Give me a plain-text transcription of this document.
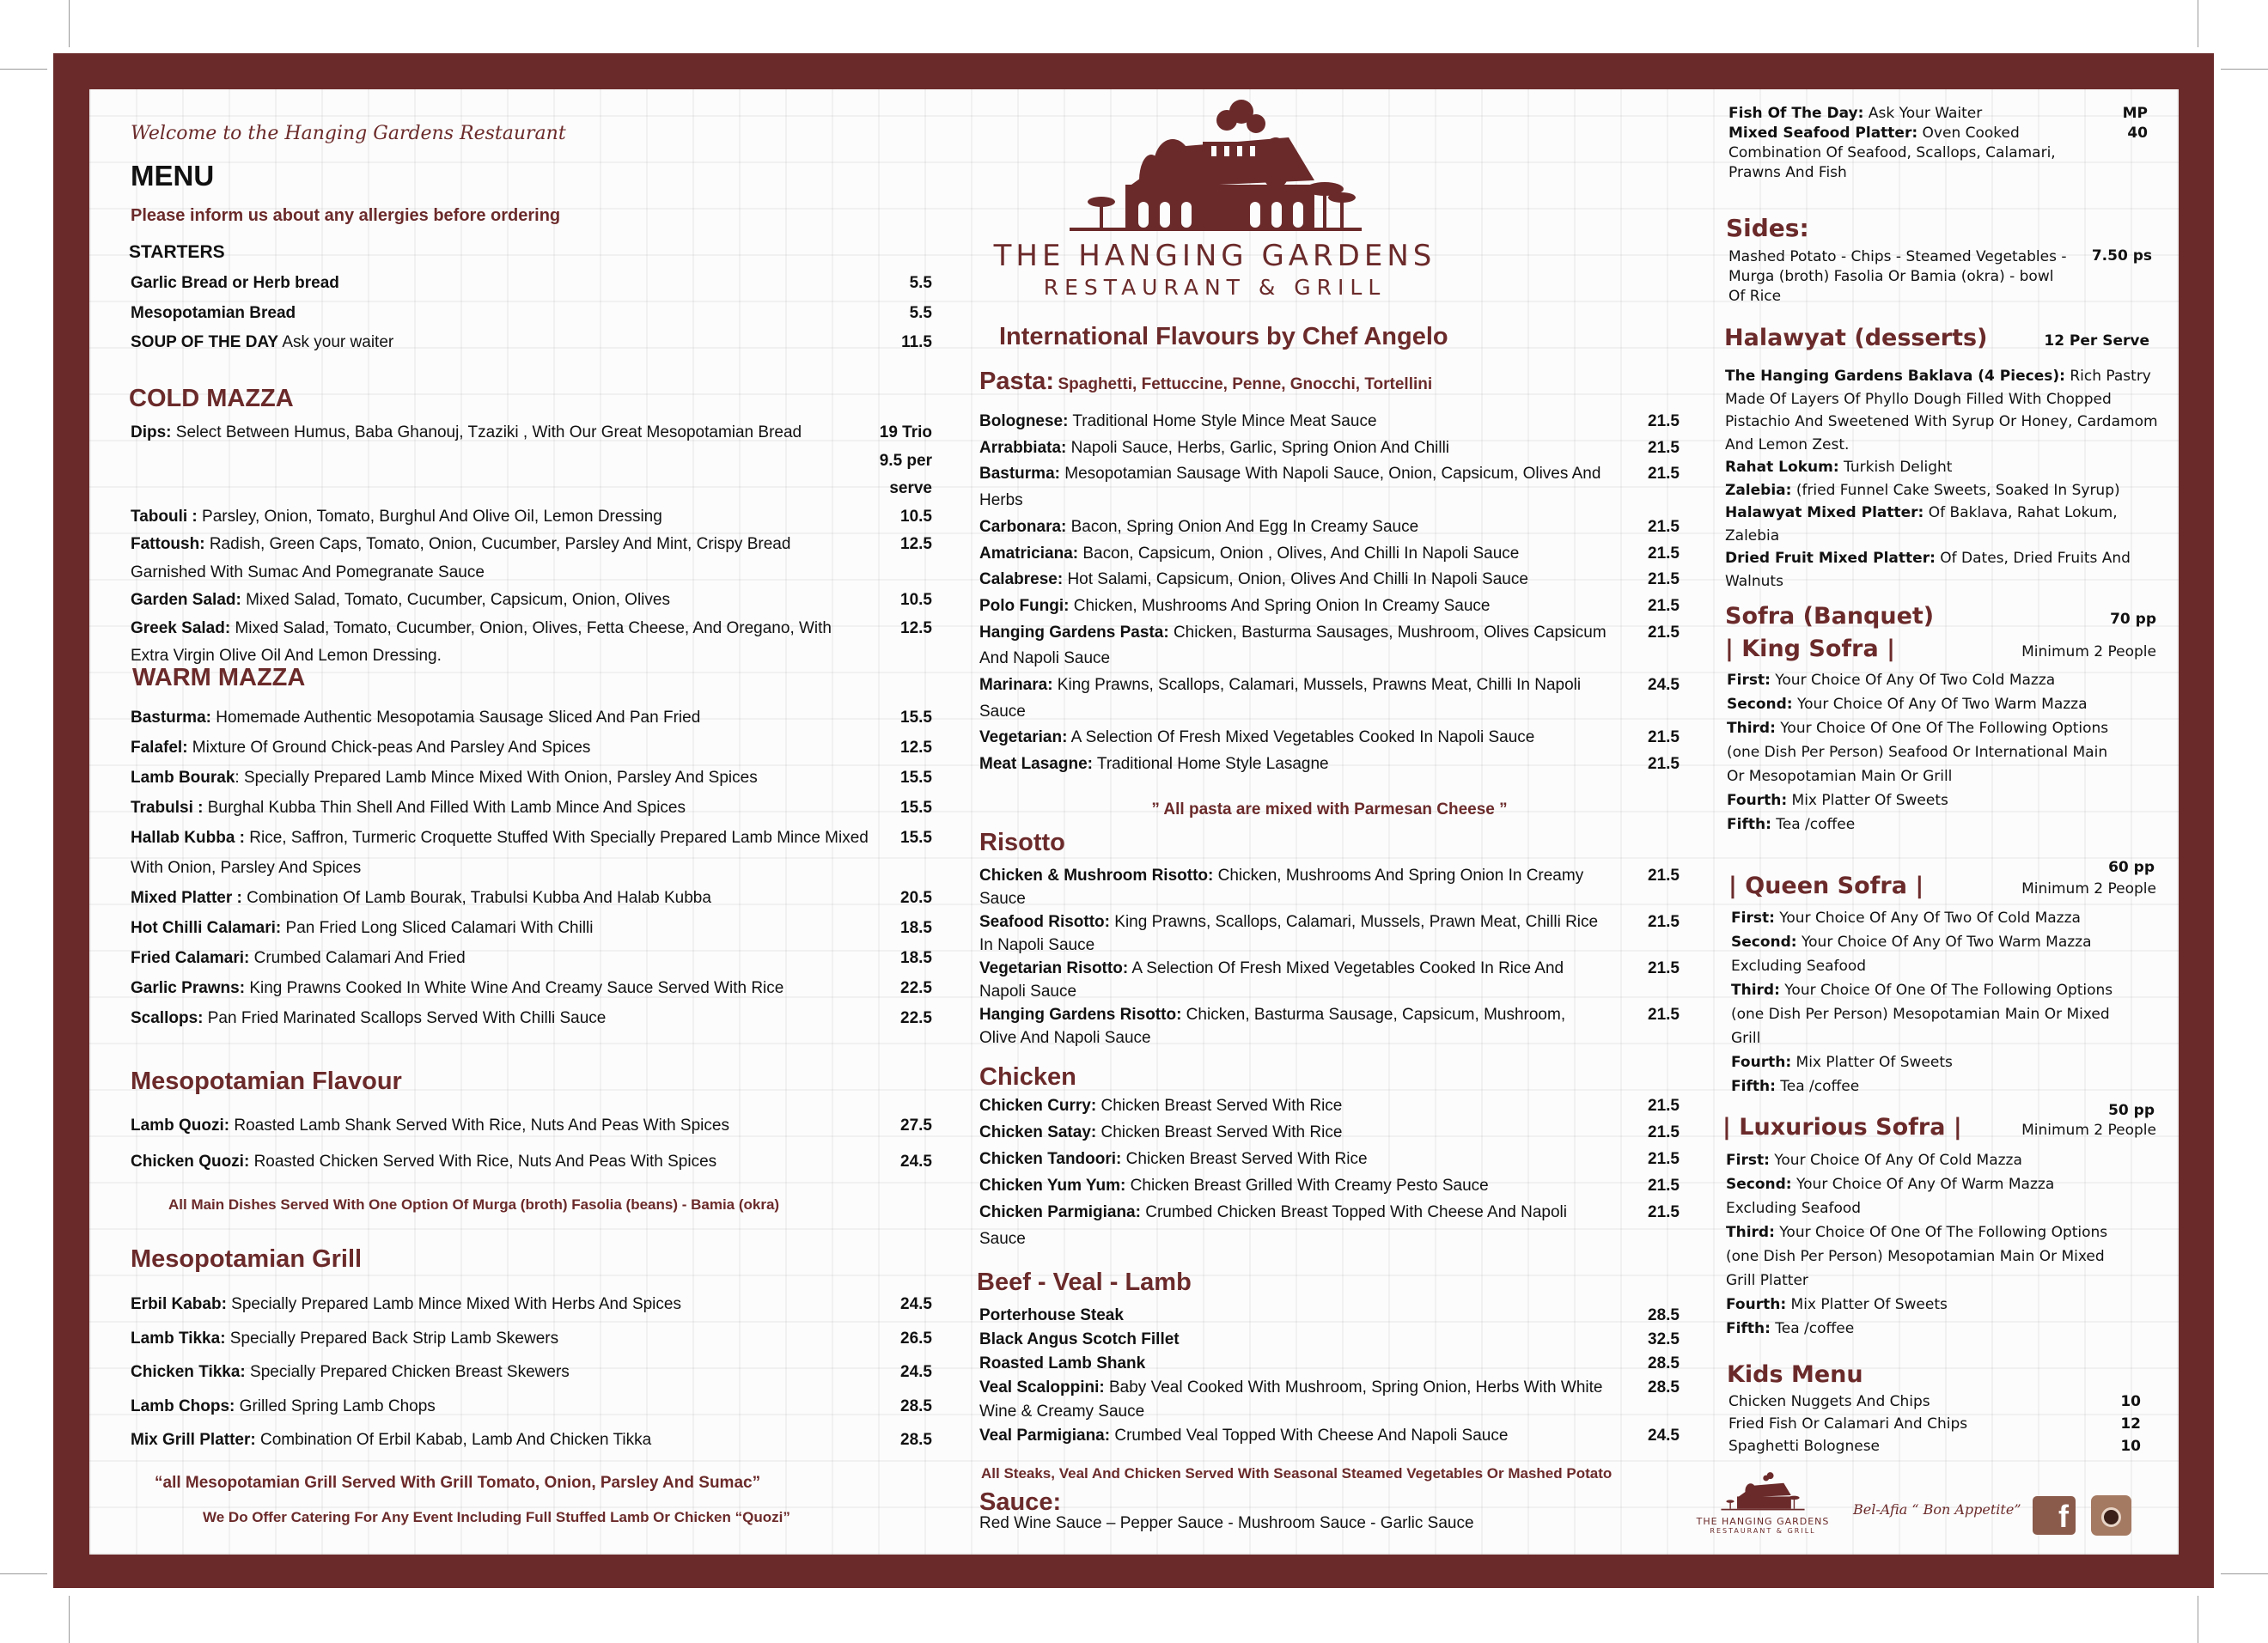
Welcome to the Hanging Gardens Restaurant
MENU
Please inform us about any allergies before ordering
STARTERS
Garlic Bread or Herb bread	5.5
Mesopotamian Bread	5.5
SOUP OF THE DAY Ask your waiter	11.5
COLD MAZZA
Dips: Select Between Humus, Baba Ghanouj, Tzaziki , With Our Great Mesopotamian Bread	19 Trio
9.5 per serve
Tabouli : Parsley, Onion, Tomato, Burghul And Olive Oil, Lemon Dressing	10.5
Fattoush: Radish, Green Caps, Tomato, Onion, Cucumber, Parsley And Mint, Crispy Bread Garnished With Sumac And Pomegranate Sauce
12.5
Garden Salad: Mixed Salad, Tomato, Cucumber, Capsicum, Onion, Olives	10.5
Greek Salad: Mixed Salad, Tomato, Cucumber, Onion, Olives, Fetta Cheese, And Oregano, With Extra Virgin Olive Oil And Lemon Dressing.
12.5
WARM MAZZA
Basturma: Homemade Authentic Mesopotamia Sausage Sliced And Pan Fried	15.5
Falafel: Mixture Of Ground Chick-peas And Parsley And Spices	12.5
Lamb Bourak: Specially Prepared Lamb Mince Mixed With Onion, Parsley And Spices	15.5
Trabulsi : Burghal Kubba Thin Shell And Filled With Lamb Mince And Spices	15.5
Hallab Kubba : Rice, Saffron, Turmeric Croquette Stuffed With Specially Prepared Lamb Mince Mixed With Onion, Parsley And Spices
15.5
Mixed Platter : Combination Of Lamb Bourak, Trabulsi Kubba And Halab Kubba	20.5
Hot Chilli Calamari: Pan Fried Long Sliced Calamari With Chilli	18.5
Fried Calamari: Crumbed Calamari And Fried	18.5
Garlic Prawns: King Prawns Cooked In White Wine And Creamy Sauce Served With Rice	22.5
Scallops: Pan Fried Marinated Scallops Served With Chilli Sauce	22.5
Mesopotamian Flavour
Lamb Quozi: Roasted Lamb Shank Served With Rice, Nuts And Peas With Spices	27.5
Chicken Quozi: Roasted Chicken Served With Rice, Nuts And Peas With Spices	24.5
All Main Dishes Served With One Option Of Murga (broth) Fasolia (beans) - Bamia (okra)
Mesopotamian Grill
Erbil Kabab: Specially Prepared Lamb Mince Mixed With Herbs And Spices	24.5
Lamb Tikka: Specially Prepared Back Strip Lamb Skewers	26.5
Chicken Tikka: Specially Prepared Chicken Breast Skewers	24.5
Lamb Chops: Grilled Spring Lamb Chops	28.5
Mix Grill Platter: Combination Of Erbil Kabab, Lamb And Chicken Tikka	28.5
“all Mesopotamian Grill Served With Grill Tomato, Onion, Parsley And Sumac”
We Do Offer Catering For Any Event Including Full Stuffed Lamb Or Chicken “Quozi”
THE HANGING GARDENS
RESTAURANT & GRILL
International Flavours by Chef Angelo
Pasta: Spaghetti, Fettuccine, Penne, Gnocchi, Tortellini
Bolognese: Traditional Home Style Mince Meat Sauce	21.5
Arrabbiata: Napoli Sauce, Herbs, Garlic, Spring Onion And Chilli	21.5
Basturma: Mesopotamian Sausage With Napoli Sauce, Onion, Capsicum, Olives And Herbs
21.5
Carbonara: Bacon, Spring Onion And Egg In Creamy Sauce	21.5
Amatriciana: Bacon, Capsicum, Onion , Olives, And Chilli In Napoli Sauce	21.5
Calabrese: Hot Salami, Capsicum, Onion, Olives And Chilli In Napoli Sauce	21.5
Polo Fungi: Chicken, Mushrooms And Spring Onion In Creamy Sauce	21.5
Hanging Gardens Pasta: Chicken, Basturma Sausages, Mushroom, Olives Capsicum And Napoli Sauce
21.5
Marinara: King Prawns, Scallops, Calamari, Mussels, Prawns Meat, Chilli In Napoli Sauce
24.5
Vegetarian: A Selection Of Fresh Mixed Vegetables Cooked In Napoli Sauce	21.5
Meat Lasagne: Traditional Home Style Lasagne	21.5
” All pasta are mixed with Parmesan Cheese ”
Risotto
Chicken & Mushroom Risotto: Chicken, Mushrooms And Spring Onion In Creamy Sauce
21.5
Seafood Risotto: King Prawns, Scallops, Calamari, Mussels, Prawn Meat, Chilli Rice In Napoli Sauce
21.5
Vegetarian Risotto: A Selection Of Fresh Mixed Vegetables Cooked In Rice And Napoli Sauce
21.5
Hanging Gardens Risotto: Chicken, Basturma Sausage, Capsicum, Mushroom, Olive And Napoli Sauce
21.5
Chicken
Chicken Curry: Chicken Breast Served With Rice	21.5
Chicken Satay: Chicken Breast Served With Rice	21.5
Chicken Tandoori: Chicken Breast Served With Rice	21.5
Chicken Yum Yum: Chicken Breast Grilled With Creamy Pesto Sauce	21.5
Chicken Parmigiana: Crumbed Chicken Breast Topped With Cheese And Napoli Sauce
21.5
Beef - Veal - Lamb
Porterhouse Steak	28.5
Black Angus Scotch Fillet	32.5
Roasted Lamb Shank	28.5
Veal Scaloppini: Baby Veal Cooked With Mushroom, Spring Onion, Herbs With White Wine & Creamy Sauce
28.5
Veal Parmigiana: Crumbed Veal Topped With Cheese And Napoli Sauce	24.5
All Steaks, Veal And Chicken Served With Seasonal Steamed Vegetables Or Mashed Potato
Sauce:
Red Wine Sauce – Pepper Sauce - Mushroom Sauce - Garlic Sauce
Fish Of The Day: Ask Your Waiter	MP
Mixed Seafood Platter: Oven Cooked Combination Of Seafood, Scallops, Calamari, Prawns And Fish
40
Sides:
Mashed Potato - Chips - Steamed Vegetables - Murga (broth) Fasolia Or Bamia (okra) - bowl Of Rice
7.50 ps
Halawyat (desserts)	12 Per Serve
The Hanging Gardens Baklava (4 Pieces): Rich Pastry Made Of Layers Of Phyllo Dough Filled With Chopped Pistachio And Sweetened With Syrup Or Honey, Cardamom And Lemon Zest.
Rahat Lokum: Turkish Delight
Zalebia: (fried Funnel Cake Sweets, Soaked In Syrup)
Halawyat Mixed Platter: Of Baklava, Rahat Lokum, Zalebia
Dried Fruit Mixed Platter: Of Dates, Dried Fruits And Walnuts
Sofra (Banquet)	70 pp
| King Sofra |	Minimum 2 People
First: Your Choice Of Any Of Two Cold Mazza
Second: Your Choice Of Any Of Two Warm Mazza
Third: Your Choice Of One Of The Following Options (one Dish Per Person) Seafood Or International Main Or Mesopotamian Main Or Grill
Fourth: Mix Platter Of Sweets
Fifth: Tea /coffee
60 pp
| Queen Sofra |	Minimum 2 People
First: Your Choice Of Any Of Two Of Cold Mazza
Second: Your Choice Of Any Of Two Warm Mazza Excluding Seafood
Third: Your Choice Of One Of The Following Options (one Dish Per Person) Mesopotamian Main Or Mixed Grill
Fourth: Mix Platter Of Sweets
Fifth: Tea /coffee
50 pp
| Luxurious Sofra |	Minimum 2 People
First: Your Choice Of Any Of Cold Mazza
Second: Your Choice Of Any Of Warm Mazza Excluding Seafood
Third: Your Choice Of One Of The Following Options (one Dish Per Person) Mesopotamian Main Or Mixed Grill Platter
Fourth: Mix Platter Of Sweets
Fifth: Tea /coffee
Kids Menu
Chicken Nuggets And Chips	10
Fried Fish Or Calamari And Chips	12
Spaghetti Bolognese	10
THE HANGING GARDENS
RESTAURANT & GRILL
Bel-Afia “ Bon Appetite”	f
